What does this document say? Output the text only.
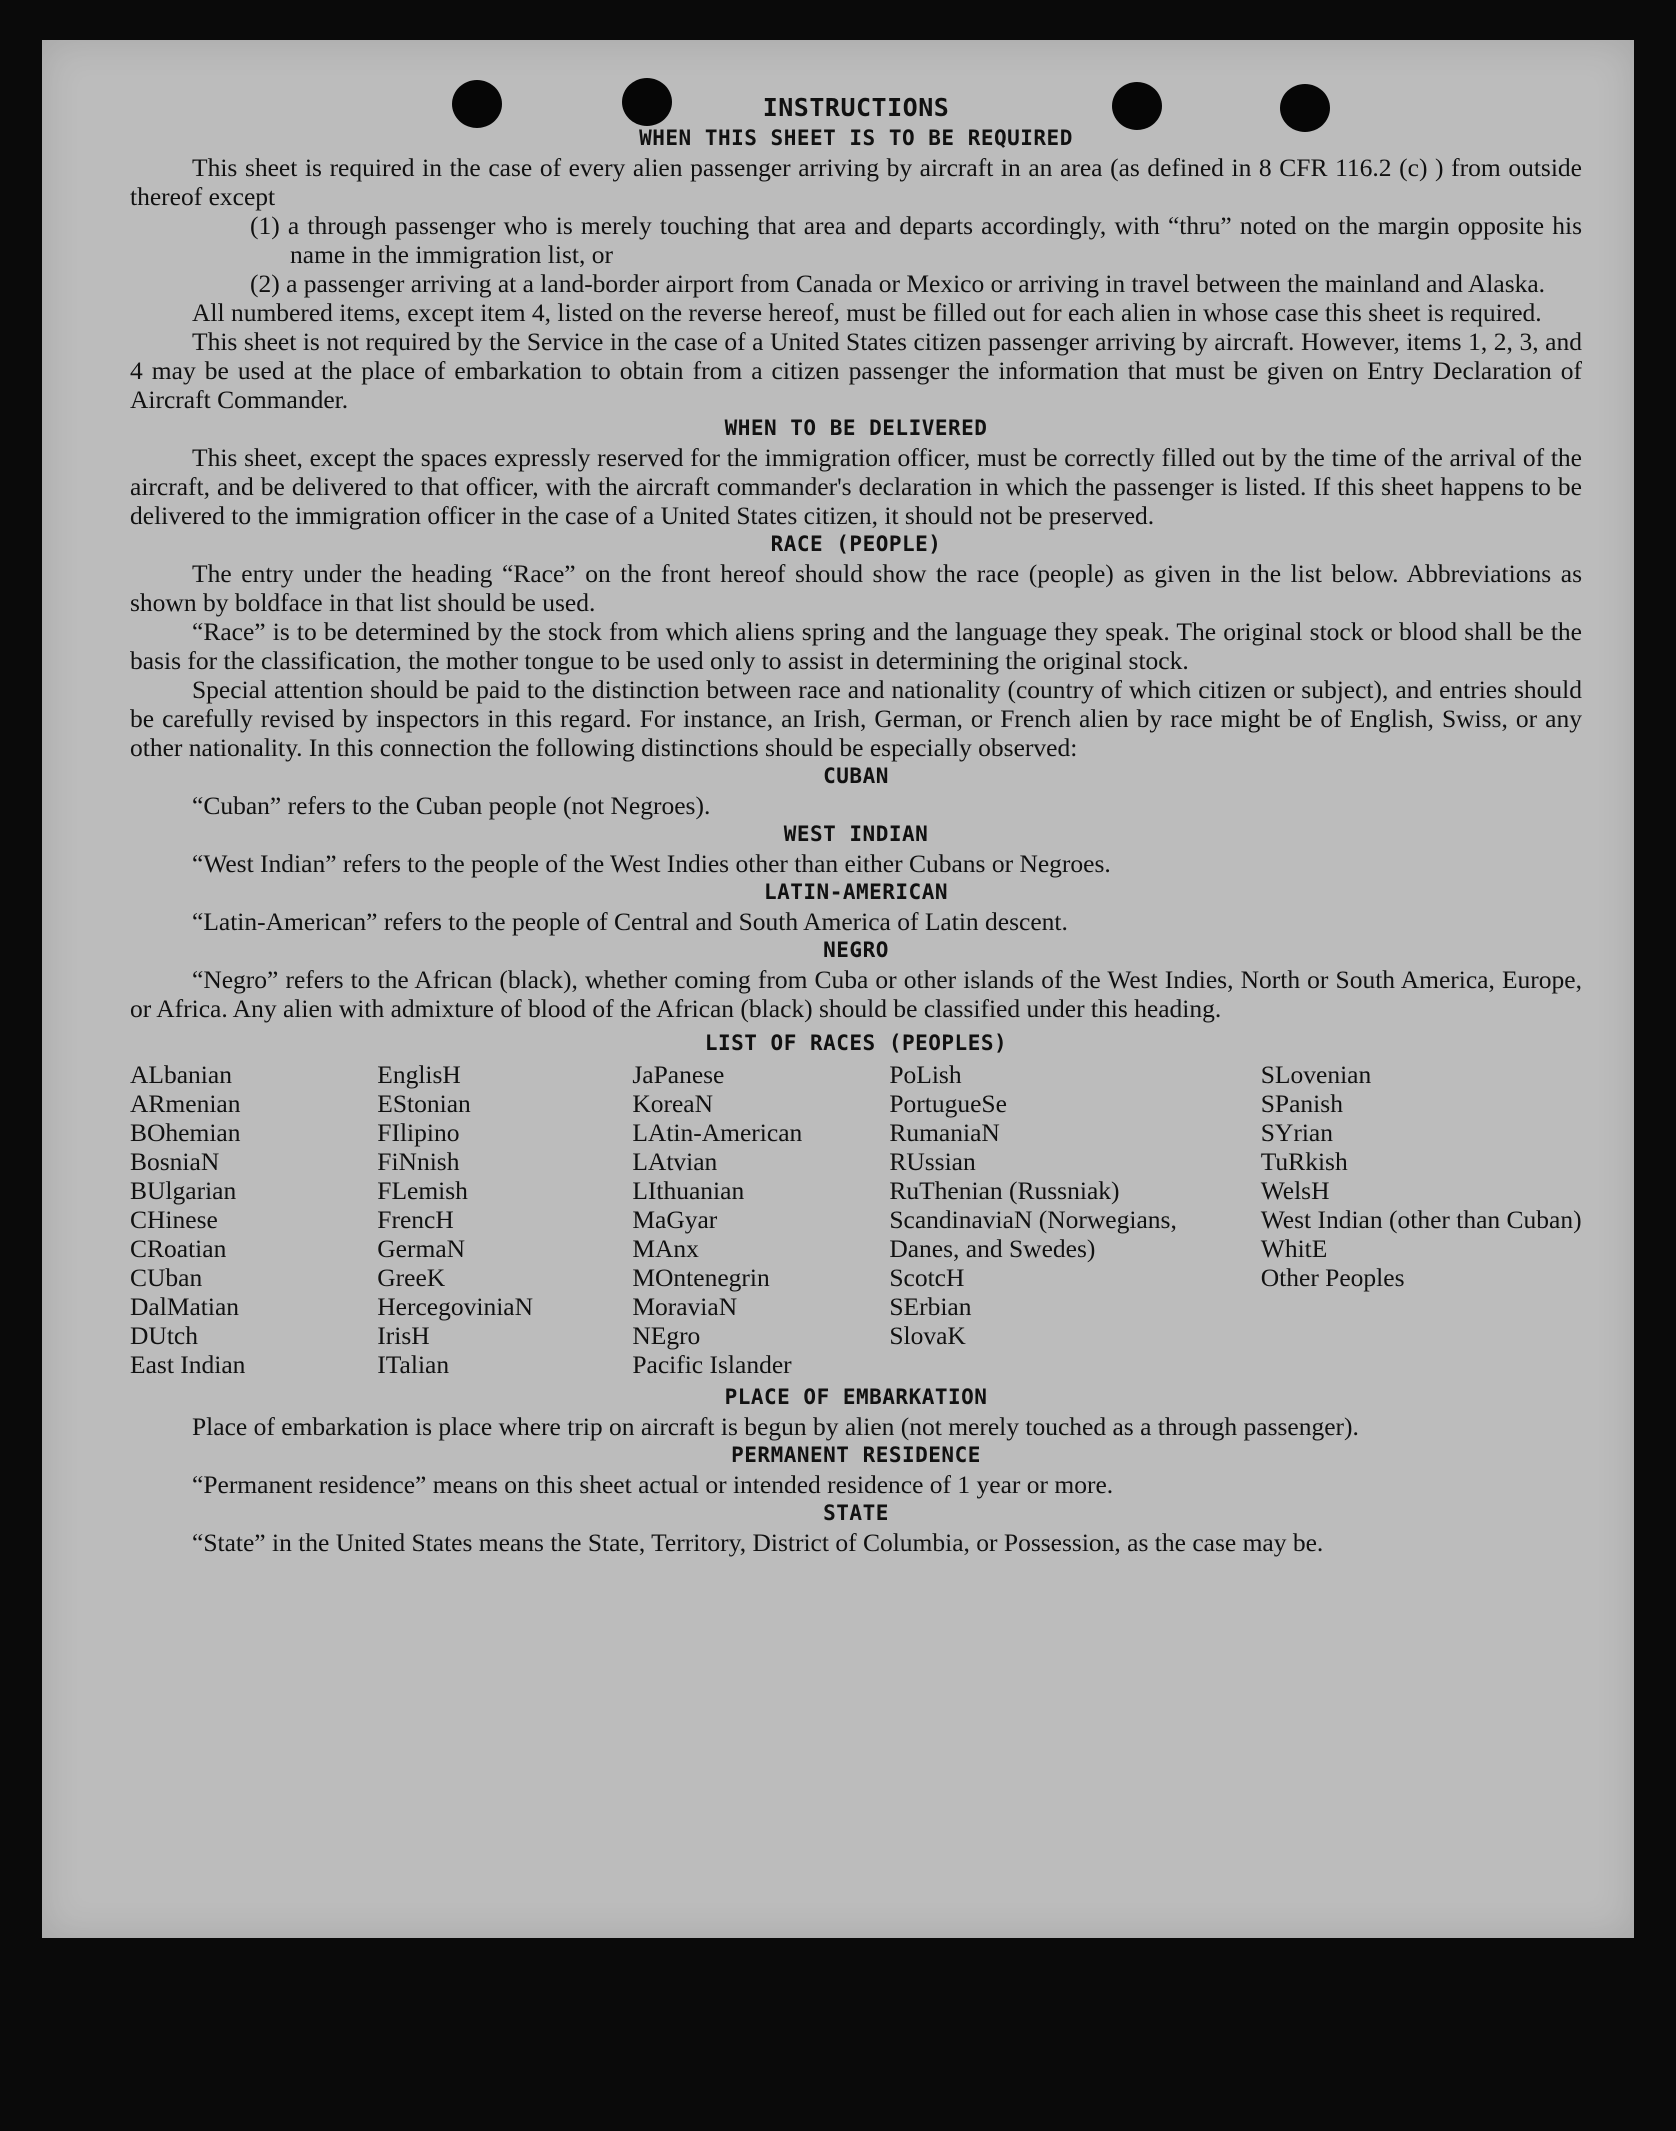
INSTRUCTIONS
WHEN THIS SHEET IS TO BE REQUIRED

This sheet is required in the case of every alien passenger arriving by aircraft in an area (as defined in 8 CFR 116.2 (c) ) from outside thereof except

(1) a through passenger who is merely touching that area and departs accordingly, with “thru” noted on the margin opposite his name in the immigration list, or
(2) a passenger arriving at a land-border airport from Canada or Mexico or arriving in travel between the mainland and Alaska.

All numbered items, except item 4, listed on the reverse hereof, must be filled out for each alien in whose case this sheet is required.

This sheet is not required by the Service in the case of a United States citizen passenger arriving by aircraft. However, items 1, 2, 3, and 4 may be used at the place of embarkation to obtain from a citizen passenger the information that must be given on Entry Declaration of Aircraft Commander.

WHEN TO BE DELIVERED

This sheet, except the spaces expressly reserved for the immigration officer, must be correctly filled out by the time of the arrival of the aircraft, and be delivered to that officer, with the aircraft commander's declaration in which the passenger is listed. If this sheet happens to be delivered to the immigration officer in the case of a United States citizen, it should not be preserved.

RACE (PEOPLE)

The entry under the heading “Race” on the front hereof should show the race (people) as given in the list below. Abbreviations as shown by boldface in that list should be used.

“Race” is to be determined by the stock from which aliens spring and the language they speak. The original stock or blood shall be the basis for the classification, the mother tongue to be used only to assist in determining the original stock.

Special attention should be paid to the distinction between race and nationality (country of which citizen or subject), and entries should be carefully revised by inspectors in this regard. For instance, an Irish, German, or French alien by race might be of English, Swiss, or any other nationality. In this connection the following distinctions should be especially observed:

CUBAN
“Cuban” refers to the Cuban people (not Negroes).
WEST INDIAN
“West Indian” refers to the people of the West Indies other than either Cubans or Negroes.
LATIN-AMERICAN
“Latin-American” refers to the people of Central and South America of Latin descent.
NEGRO

“Negro” refers to the African (black), whether coming from Cuba or other islands of the West Indies, North or South America, Europe, or Africa. Any alien with admixture of blood of the African (black) should be classified under this heading.

LIST OF RACES (PEOPLES)
ALbanian
ARmenian
BOhemian
BosniaN
BUlgarian
CHinese
CRoatian
CUban
DalMatian
DUtch
East Indian
EnglisH
EStonian
FIlipino
FiNnish
FLemish
FrencH
GermaN
GreeK
HercegoviniaN
IrisH
ITalian
JaPanese
KoreaN
LAtin-American
LAtvian
LIthuanian
MaGyar
MAnx
MOntenegrin
MoraviaN
NEgro
Pacific Islander
PoLish
PortugueSe
RumaniaN
RUssian
RuThenian (Russniak)
ScandinaviaN (Norwegians, Danes, and Swedes)
ScotcH
SErbian
SlovaK
SLovenian
SPanish
SYrian
TuRkish
WelsH
West Indian (other than Cuban)
WhitE
Other Peoples
PLACE OF EMBARKATION

Place of embarkation is place where trip on aircraft is begun by alien (not merely touched as a through passenger).

PERMANENT RESIDENCE
“Permanent residence” means on this sheet actual or intended residence of 1 year or more.
STATE

“State” in the United States means the State, Territory, District of Columbia, or Possession, as the case may be.
